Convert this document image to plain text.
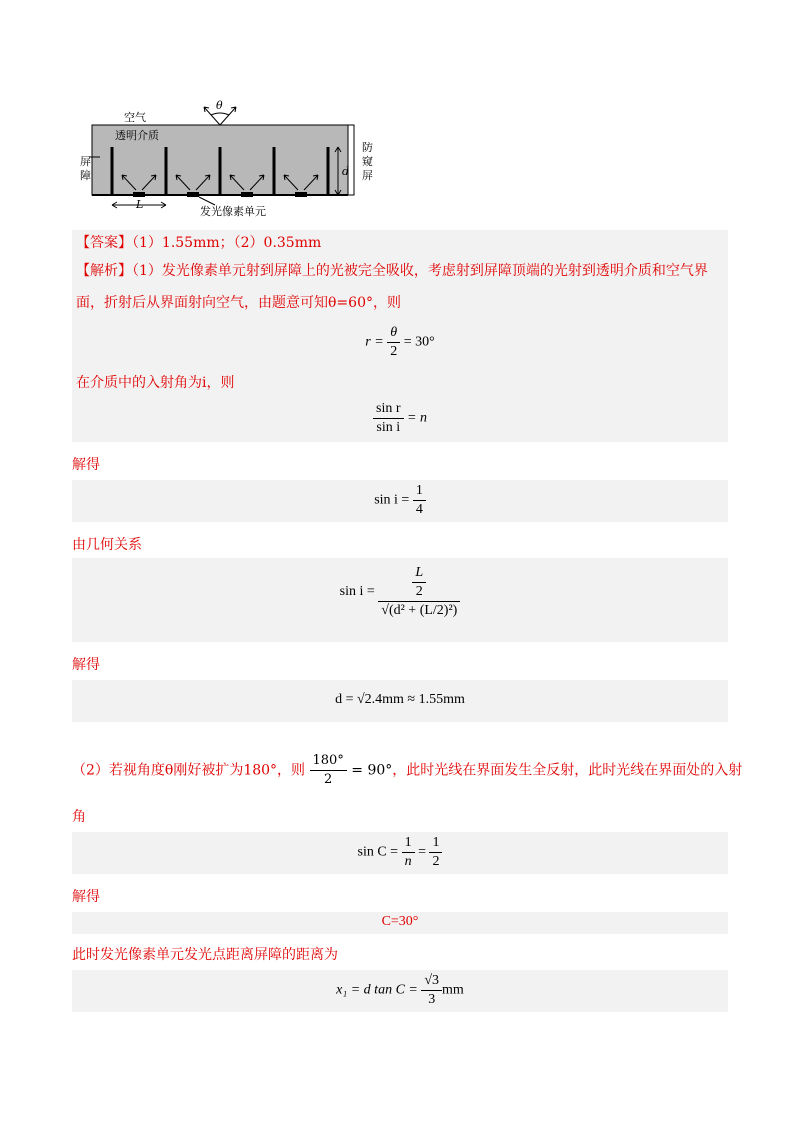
空气
透明介质
屏
障
防
窥
屏
发光像素单元
θ
d
L
【答案】（1）1.55mm；（2）0.35mm
【解析】（1）发光像素单元射到屏障上的光被完全吸收，考虑射到屏障顶端的光射到透明介质和空气界
面，折射后从界面射向空气，由题意可知θ=60°，则
$r = \frac{\theta}{2} = 30^\circ$
在介质中的入射角为i，则
$\frac{\text{sin r}}{\text{sin i}} = n$
解得
$\sin i = \frac{1}{4}$
由几何关系
$\sin i = \frac{\frac{L}{2}}{\text{√(d² + (L/2)²)}}$
解得
d = √2.4mm ≈ 1.55mm
（2）若视角度θ刚好被扩为180°，则 $\frac{180^\circ}{2} = 90^\circ$，此时光线在界面发生全反射，此时光线在界面处的入射
角
$\sin C = \frac{1}{n} = \frac{1}{2}$
解得
C=30°
此时发光像素单元发光点距离屏障的距离为
x₁ = d $\tan C = \frac{√3}{3}$ mm
